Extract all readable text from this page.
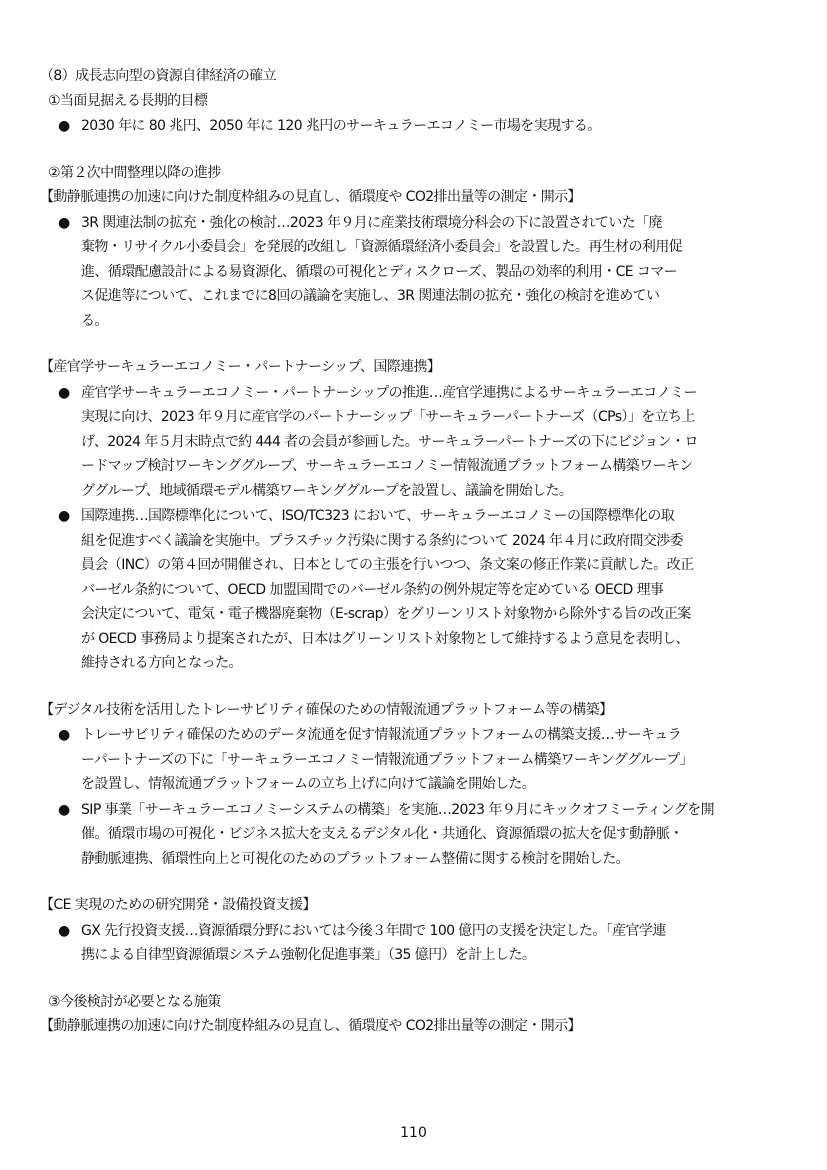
（8）成長志向型の資源自律経済の確立
①当面見据える長期的目標
● 2030 年に 80 兆円、2050 年に 120 兆円のサーキュラーエコノミー市場を実現する。
②第２次中間整理以降の進捗
【動静脈連携の加速に向けた制度枠組みの見直し、循環度や CO2排出量等の測定・開示】
● 3R 関連法制の拡充・強化の検討…2023 年９月に産業技術環境分科会の下に設置されていた「廃
棄物・リサイクル小委員会」を発展的改組し「資源循環経済小委員会」を設置した。再生材の利用促
進、循環配慮設計による易資源化、循環の可視化とディスクローズ、製品の効率的利用・CE コマー
ス促進等について、これまでに8回の議論を実施し、3R 関連法制の拡充・強化の検討を進めてい
る。
【産官学サーキュラーエコノミー・パートナーシップ、国際連携】
● 産官学サーキュラーエコノミー・パートナーシップの推進…産官学連携によるサーキュラーエコノミー
実現に向け、2023 年９月に産官学のパートナーシップ「サーキュラーパートナーズ（CPs）」を立ち上
げ、2024 年５月末時点で約 444 者の会員が参画した。サーキュラーパートナーズの下にビジョン・ロ
ードマップ検討ワーキンググループ、サーキュラーエコノミー情報流通プラットフォーム構築ワーキン
ググループ、地域循環モデル構築ワーキンググループを設置し、議論を開始した。
● 国際連携…国際標準化について、ISO/TC323 において、サーキュラーエコノミーの国際標準化の取
組を促進すべく議論を実施中。プラスチック汚染に関する条約について 2024 年４月に政府間交渉委
員会（INC）の第４回が開催され、日本としての主張を行いつつ、条文案の修正作業に貢献した。改正
バーゼル条約について、OECD 加盟国間でのバーゼル条約の例外規定等を定めている OECD 理事
会決定について、電気・電子機器廃棄物（E-scrap）をグリーンリスト対象物から除外する旨の改正案
が OECD 事務局より提案されたが、日本はグリーンリスト対象物として維持するよう意見を表明し、
維持される方向となった。
【デジタル技術を活用したトレーサビリティ確保のための情報流通プラットフォーム等の構築】
● トレーサビリティ確保のためのデータ流通を促す情報流通プラットフォームの構築支援…サーキュラ
ーパートナーズの下に「サーキュラーエコノミー情報流通プラットフォーム構築ワーキンググループ」
を設置し、情報流通プラットフォームの立ち上げに向けて議論を開始した。
● SIP 事業「サーキュラーエコノミーシステムの構築」を実施…2023 年９月にキックオフミーティングを開
催。循環市場の可視化・ビジネス拡大を支えるデジタル化・共通化、資源循環の拡大を促す動静脈・
静動脈連携、循環性向上と可視化のためのプラットフォーム整備に関する検討を開始した。
【CE 実現のための研究開発・設備投資支援】
● GX 先行投資支援…資源循環分野においては今後３年間で 100 億円の支援を決定した。「産官学連
携による自律型資源循環システム強靭化促進事業」（35 億円）を計上した。
③今後検討が必要となる施策
【動静脈連携の加速に向けた制度枠組みの見直し、循環度や CO2排出量等の測定・開示】
110
